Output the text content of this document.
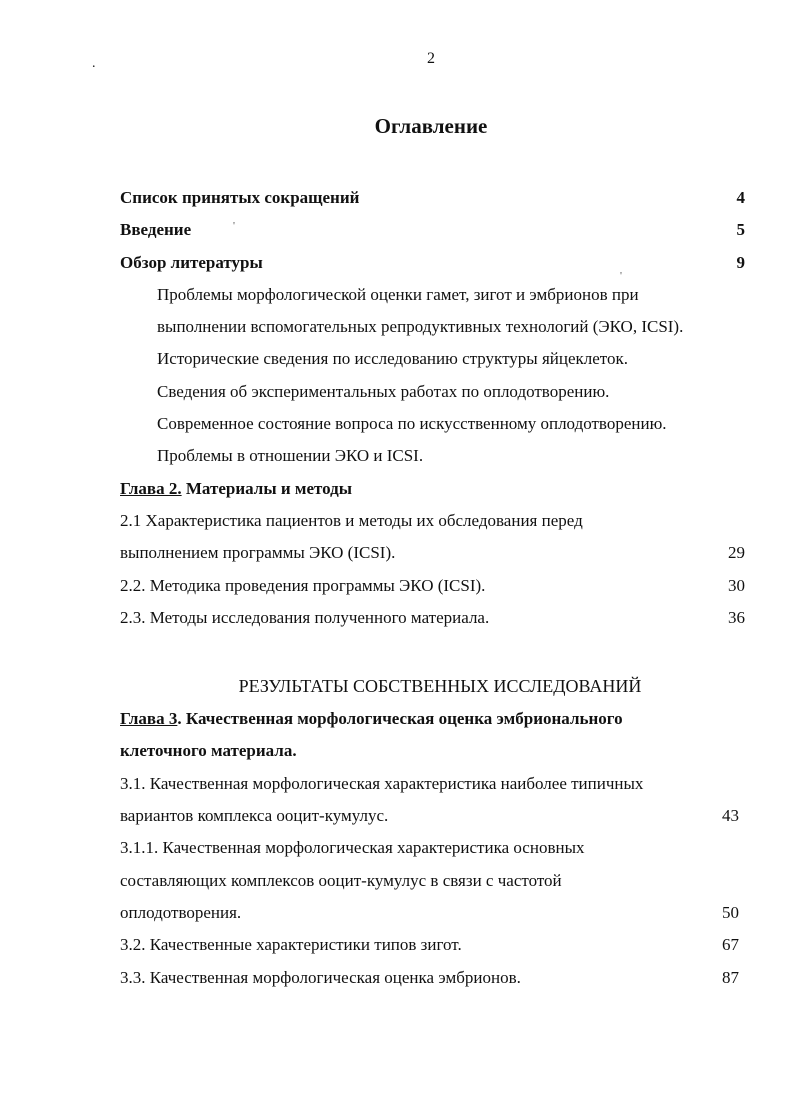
.	2
Оглавление
Список принятых сокращений	4
Введение	5
Обзор литературы	9
Проблемы морфологической оценки гамет, зигот и эмбрионов при
выполнении вспомогательных репродуктивных технологий (ЭКО, ICSI).
Исторические сведения по исследованию структуры яйцеклеток.
Сведения об экспериментальных работах по оплодотворению.
Современное состояние вопроса по искусственному оплодотворению.
Проблемы в отношении ЭКО и ICSI.
Глава 2. Материалы и методы
2.1 Характеристика пациентов и методы их обследования перед
выполнением программы ЭКО (ICSI).	29
2.2. Методика проведения программы ЭКО (ICSI).	30
2.3. Методы исследования полученного материала.	36
РЕЗУЛЬТАТЫ СОБСТВЕННЫХ ИССЛЕДОВАНИЙ
Глава 3. Качественная морфологическая оценка эмбрионального
клеточного материала.
3.1. Качественная морфологическая характеристика наиболее типичных
вариантов комплекса ооцит-кумулус.	43
3.1.1. Качественная морфологическая характеристика основных
составляющих комплексов ооцит-кумулус в связи с частотой
оплодотворения.	50
3.2. Качественные характеристики типов зигот.	67
3.3. Качественная морфологическая оценка эмбрионов.	87
'
'
